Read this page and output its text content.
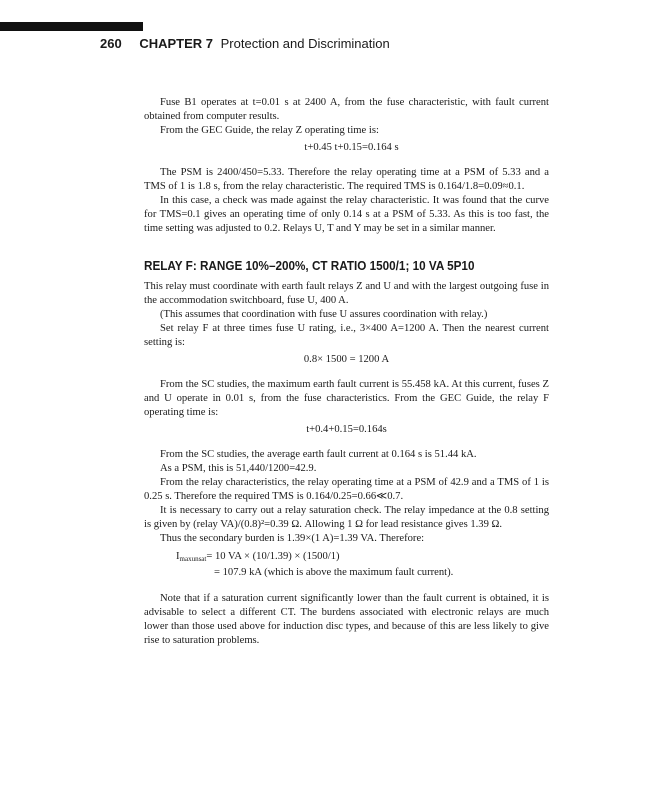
260 CHAPTER 7 Protection and Discrimination

Fuse B1 operates at t=0.01 s at 2400 A, from the fuse characteristic, with fault current obtained from computer results.

From the GEC Guide, the relay Z operating time is:

t+0.45 t+0.15=0.164 s

The PSM is 2400/450=5.33. Therefore the relay operating time at a PSM of 5.33 and a TMS of 1 is 1.8 s, from the relay characteristic. The required TMS is 0.164/1.8=0.09≈0.1.

In this case, a check was made against the relay characteristic. It was found that the curve for TMS=0.1 gives an operating time of only 0.14 s at a PSM of 5.33. As this is too fast, the time setting was adjusted to 0.2. Relays U, T and Y may be set in a similar manner.

RELAY F: RANGE 10%–200%, CT RATIO 1500/1; 10 VA 5P10

This relay must coordinate with earth fault relays Z and U and with the largest outgoing fuse in the accommodation switchboard, fuse U, 400 A.

(This assumes that coordination with fuse U assures coordination with relay.)

Set relay F at three times fuse U rating, i.e., 3×400 A=1200 A. Then the nearest current setting is:

0.8× 1500 = 1200 A

From the SC studies, the maximum earth fault current is 55.458 kA. At this current, fuses Z and U operate in 0.01 s, from the fuse characteristics. From the GEC Guide, the relay F operating time is:

t+0.4+0.15=0.164s

From the SC studies, the average earth fault current at 0.164 s is 51.44 kA.

As a PSM, this is 51,440/1200=42.9.

From the relay characteristics, the relay operating time at a PSM of 42.9 and a TMS of 1 is 0.25 s. Therefore the required TMS is 0.164/0.25=0.66≪0.7.

It is necessary to carry out a relay saturation check. The relay impedance at the 0.8 setting is given by (relay VA)/(0.8)²=0.39 Ω. Allowing 1 Ω for lead resistance gives 1.39 Ω.

Thus the secondary burden is 1.39×(1 A)=1.39 VA. Therefore:

$I_{maxunsat}= 10$ VA × (10/1.39) × (1500/1)
= 107.9 kA (which is above the maximum fault current).

Note that if a saturation current significantly lower than the fault current is obtained, it is advisable to select a different CT. The burdens associated with electronic relays are much lower than those used above for induction disc types, and because of this are less likely to give rise to saturation problems.
